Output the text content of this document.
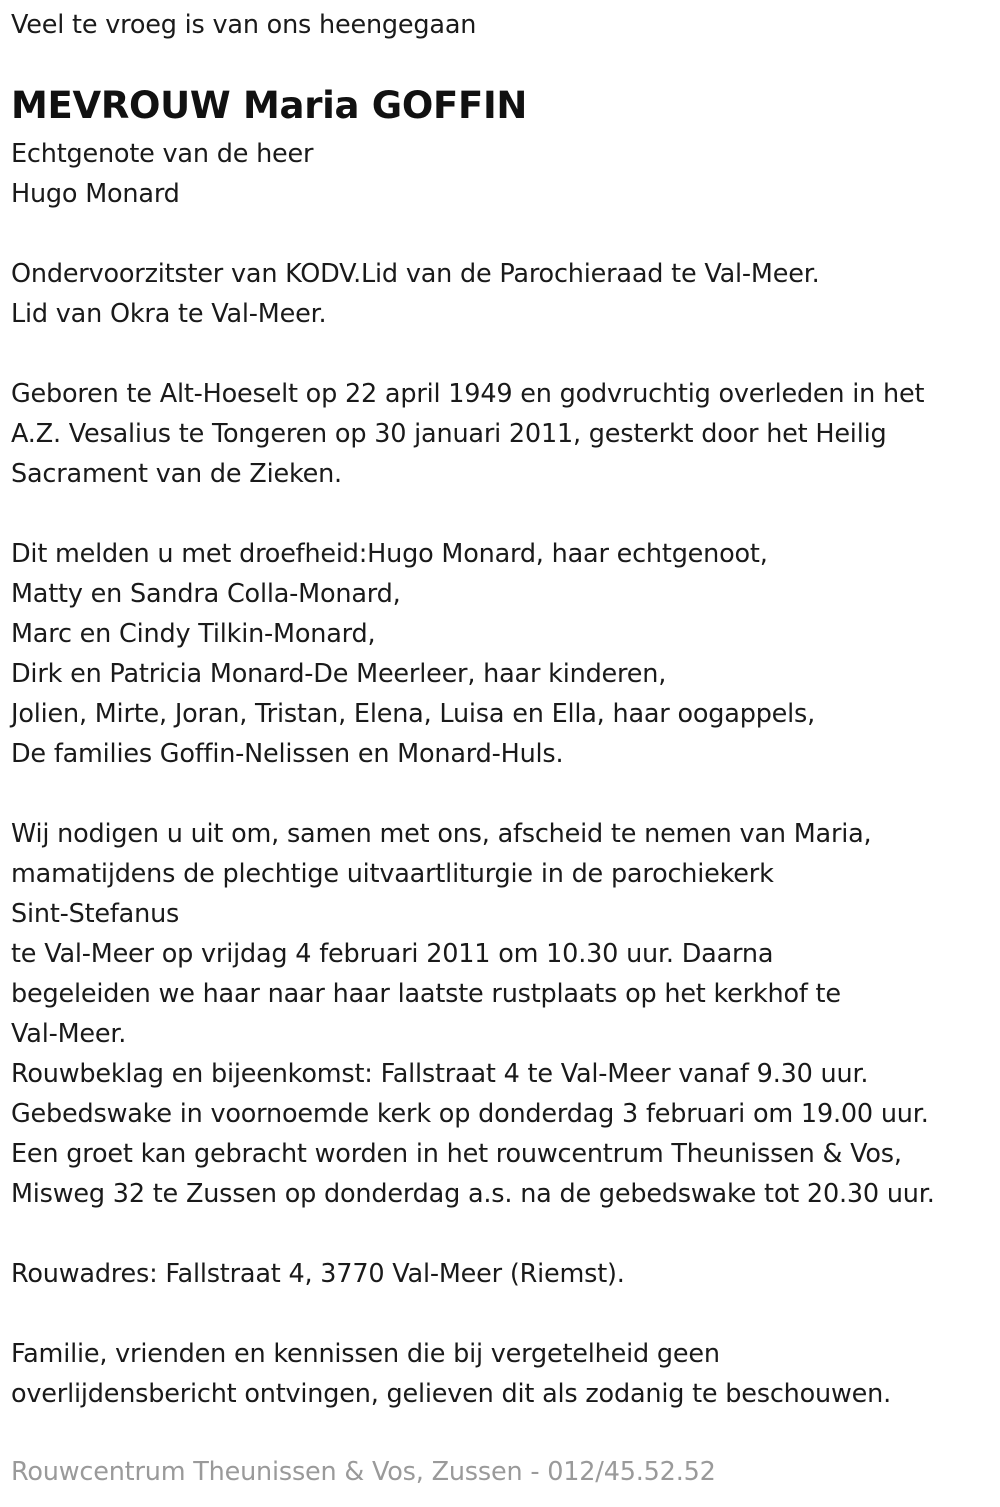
Veel te vroeg is van ons heengegaan
MEVROUW Maria GOFFIN
Echtgenote van de heer
Hugo Monard
Ondervoorzitster van KODV.Lid van de Parochieraad te Val-Meer.
Lid van Okra te Val-Meer.
Geboren te Alt-Hoeselt op 22 april 1949 en godvruchtig overleden in het
A.Z. Vesalius te Tongeren op 30 januari 2011, gesterkt door het Heilig
Sacrament van de Zieken.
Dit melden u met droefheid:Hugo Monard, haar echtgenoot,
Matty en Sandra Colla-Monard,
Marc en Cindy Tilkin-Monard,
Dirk en Patricia Monard-De Meerleer, haar kinderen,
Jolien, Mirte, Joran, Tristan, Elena, Luisa en Ella, haar oogappels,
De families Goffin-Nelissen en Monard-Huls.
Wij nodigen u uit om, samen met ons, afscheid te nemen van Maria,
mamatijdens de plechtige uitvaartliturgie in de parochiekerk
Sint-Stefanus
te Val-Meer op vrijdag 4 februari 2011 om 10.30 uur. Daarna
begeleiden we haar naar haar laatste rustplaats op het kerkhof te
Val-Meer.
Rouwbeklag en bijeenkomst: Fallstraat 4 te Val-Meer vanaf 9.30 uur.
Gebedswake in voornoemde kerk op donderdag 3 februari om 19.00 uur.
Een groet kan gebracht worden in het rouwcentrum Theunissen & Vos,
Misweg 32 te Zussen op donderdag a.s. na de gebedswake tot 20.30 uur.
Rouwadres: Fallstraat 4, 3770 Val-Meer (Riemst).
Familie, vrienden en kennissen die bij vergetelheid geen
overlijdensbericht ontvingen, gelieven dit als zodanig te beschouwen.
Rouwcentrum Theunissen & Vos, Zussen - 012/45.52.52
